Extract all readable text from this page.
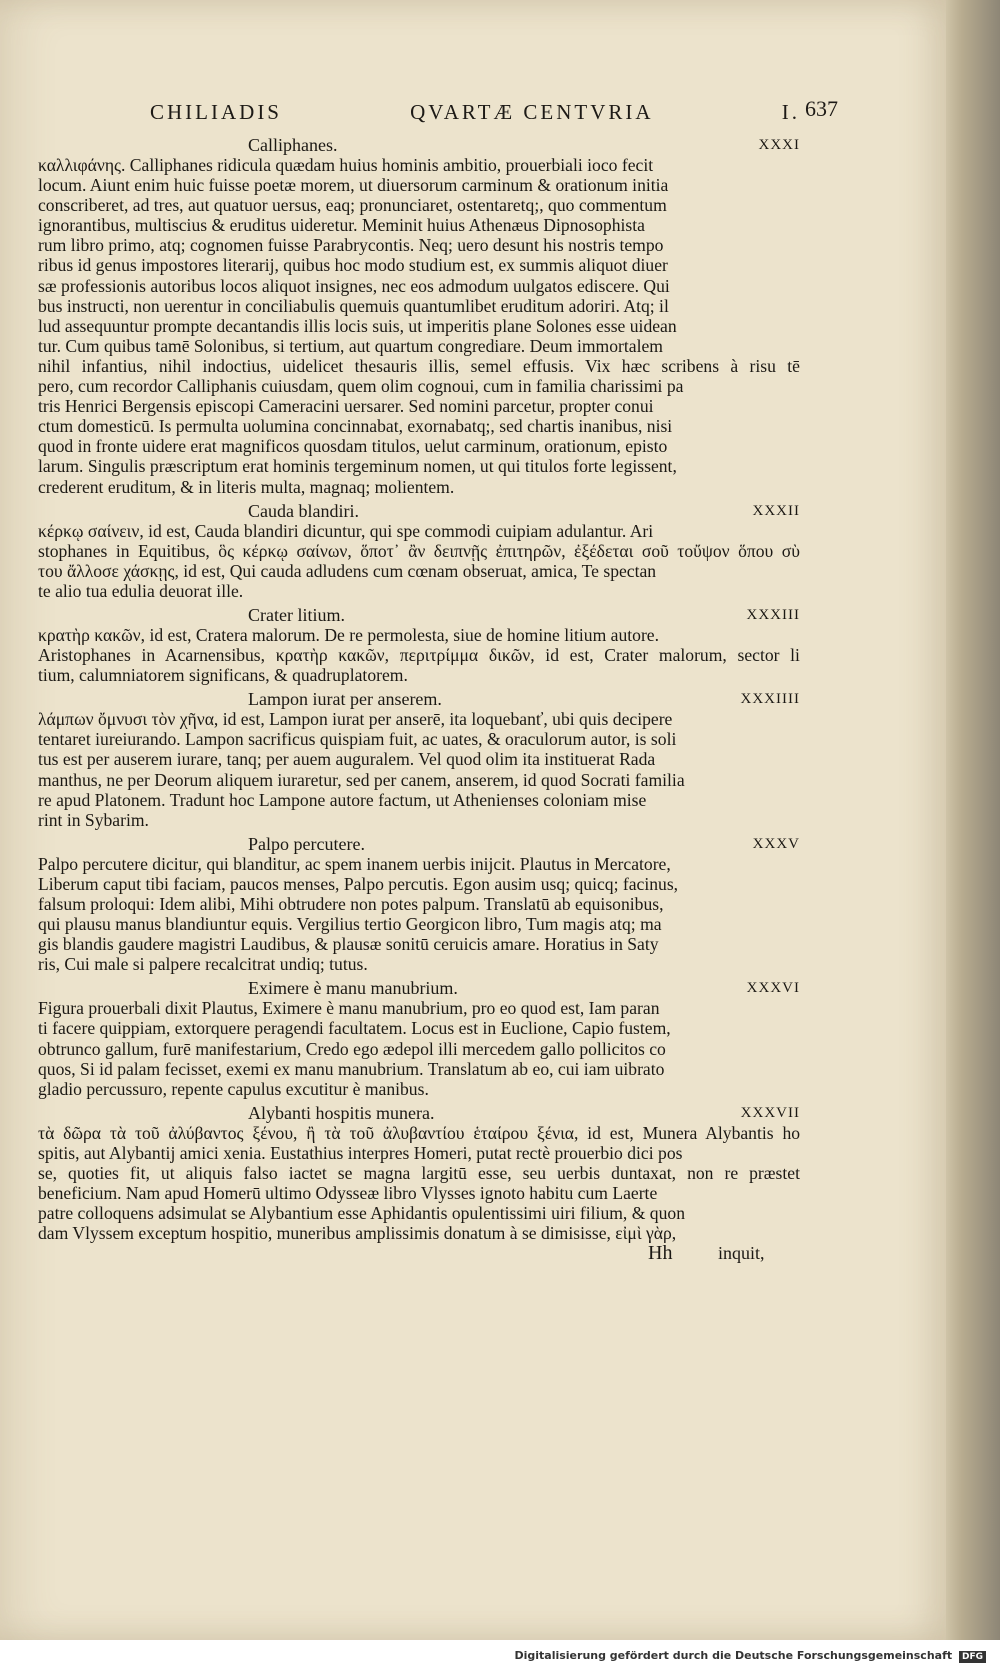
CHILIADIS	QVARTÆ CENTVRIA	I. 637
Calliphanes.	XXXI
καλλιφάνης. Calliphanes ridicula quædam huius hominis ambitio, prouerbiali ioco fecit
locum. Aiunt enim huic fuisse poetæ morem, ut diuersorum carminum & orationum initia
conscriberet, ad tres, aut quatuor uersus, eaq; pronunciaret, ostentaretq;, quo commentum
ignorantibus, multiscius & eruditus uideretur. Meminit huius Athenæus Dipnosophista
rum libro primo, atq; cognomen fuisse Parabrycontis. Neq; uero desunt his nostris tempo
ribus id genus impostores literarij, quibus hoc modo studium est, ex summis aliquot diuer
sæ professionis autoribus locos aliquot insignes, nec eos admodum uulgatos ediscere. Qui
bus instructi, non uerentur in conciliabulis quemuis quantumlibet eruditum adoriri. Atq; il
lud assequuntur prompte decantandis illis locis suis, ut imperitis plane Solones esse uidean
tur. Cum quibus tamē Solonibus, si tertium, aut quartum congrediare. Deum immortalem
nihil infantius, nihil indoctius, uidelicet thesauris illis, semel effusis. Vix hæc scribens à risu tē
pero, cum recordor Calliphanis cuiusdam, quem olim cognoui, cum in familia charissimi pa
tris Henrici Bergensis episcopi Cameracini uersarer. Sed nomini parcetur, propter conui
ctum domesticū. Is permulta uolumina concinnabat, exornabatq;, sed chartis inanibus, nisi
quod in fronte uidere erat magnificos quosdam titulos, uelut carminum, orationum, episto
larum. Singulis præscriptum erat hominis tergeminum nomen, ut qui titulos forte legissent,
crederent eruditum, & in literis multa, magnaq; molientem.
Cauda blandiri.	XXXII
κέρκῳ σαίνειν, id est, Cauda blandiri dicuntur, qui spe commodi cuipiam adulantur. Ari
stophanes in Equitibus, ὃς κέρκῳ σαίνων, ὅποτ᾽ ἂν δειπνῇς ἐπιτηρῶν, ἐξέδεται σοῦ τοὔψον ὅπου σὺ
του ἄλλοσε χάσκῃς, id est, Qui cauda adludens cum cœnam obseruat, amica, Te spectan
te alio tua edulia deuorat ille.
Crater litium.	XXXIII
κρατὴρ κακῶν, id est, Cratera malorum. De re permolesta, siue de homine litium autore.
Aristophanes in Acarnensibus, κρατὴρ κακῶν, περιτρίμμα δικῶν, id est, Crater malorum, sector li
tium, calumniatorem significans, & quadruplatorem.
Lampon iurat per anserem.	XXXIIII
λάμπων ὄμνυσι τὸν χῆνα, id est, Lampon iurat per anserē, ita loquebanť, ubi quis decipere
tentaret iureiurando. Lampon sacrificus quispiam fuit, ac uates, & oraculorum autor, is soli
tus est per auserem iurare, tanq; per auem auguralem. Vel quod olim ita instituerat Rada
manthus, ne per Deorum aliquem iuraretur, sed per canem, anserem, id quod Socrati familia
re apud Platonem. Tradunt hoc Lampone autore factum, ut Athenienses coloniam mise
rint in Sybarim.
Palpo percutere.	XXXV
Palpo percutere dicitur, qui blanditur, ac spem inanem uerbis inijcit. Plautus in Mercatore,
Liberum caput tibi faciam, paucos menses, Palpo percutis. Egon ausim usq; quicq; facinus,
falsum proloqui: Idem alibi, Mihi obtrudere non potes palpum. Translatū ab equisonibus,
qui plausu manus blandiuntur equis. Vergilius tertio Georgicon libro, Tum magis atq; ma
gis blandis gaudere magistri Laudibus, & plausæ sonitū ceruicis amare. Horatius in Saty
ris, Cui male si palpere recalcitrat undiq; tutus.
Eximere è manu manubrium.	XXXVI
Figura prouerbali dixit Plautus, Eximere è manu manubrium, pro eo quod est, Iam paran
ti facere quippiam, extorquere peragendi facultatem. Locus est in Euclione, Capio fustem,
obtrunco gallum, furē manifestarium, Credo ego ædepol illi mercedem gallo pollicitos co
quos, Si id palam fecisset, exemi ex manu manubrium. Translatum ab eo, cui iam uibrato
gladio percussuro, repente capulus excutitur è manibus.
Alybanti hospitis munera.	XXXVII
τὰ δῶρα τὰ τοῦ ἀλύβαντος ξένου, ἢ τὰ τοῦ ἀλυβαντίου ἑταίρου ξένια, id est, Munera Alybantis ho
spitis, aut Alybantij amici xenia. Eustathius interpres Homeri, putat rectè prouerbio dici pos
se, quoties fit, ut aliquis falso iactet se magna largitū esse, seu uerbis duntaxat, non re præstet
beneficium. Nam apud Homerū ultimo Odysseæ libro Vlysses ignoto habitu cum Laerte
patre colloquens adsimulat se Alybantium esse Aphidantis opulentissimi uiri filium, & quon
dam Vlyssem exceptum hospitio, muneribus amplissimis donatum à se dimisisse, εἰμὶ γὰρ,
Hh	inquit,
Digitalisierung gefördert durch die Deutsche Forschungsgemeinschaft DFG
